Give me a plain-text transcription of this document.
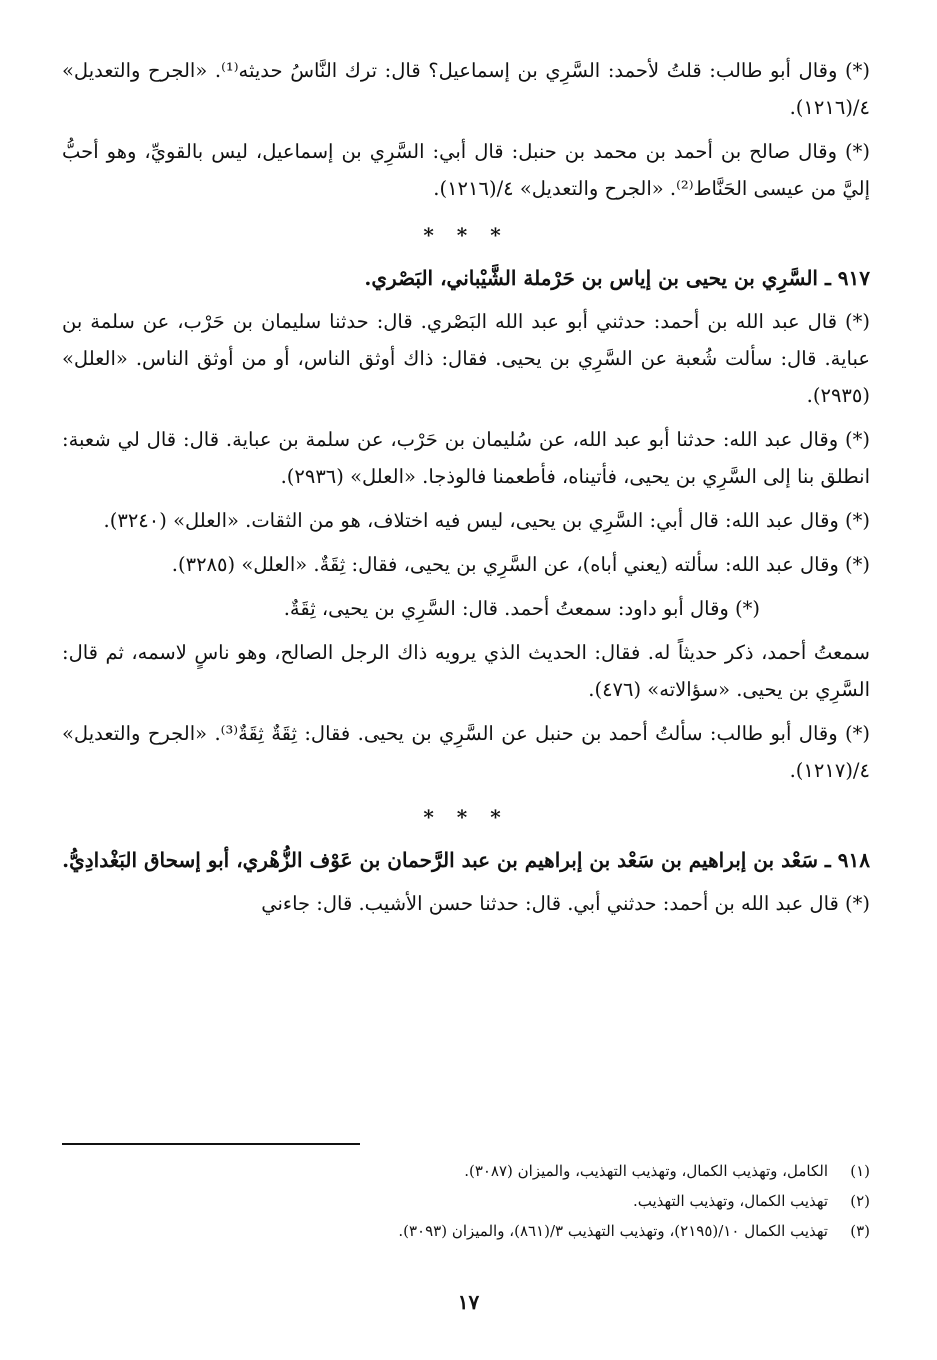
(*) وقال أبو طالب: قلتُ لأحمد: السَّرِي بن إسماعيل؟ قال: ترك النَّاسُ حديثه⁽¹⁾. «الجرح والتعديل» ٤/(١٢١٦).

(*) وقال صالح بن أحمد بن محمد بن حنبل: قال أبي: السَّرِي بن إسماعيل، ليس بالقويِّ، وهو أحبُّ إليَّ من عيسى الحَنَّاط⁽²⁾. «الجرح والتعديل» ٤/(١٢١٦).

* * *

٩١٧ ـ السَّرِي بن يحيى بن إياس بن حَرْملة الشَّيْباني، البَصْري.

(*) قال عبد الله بن أحمد: حدثني أبو عبد الله البَصْري. قال: حدثنا سليمان بن حَرْب، عن سلمة بن عباية. قال: سألت شُعبة عن السَّرِي بن يحيى. فقال: ذاك أوثق الناس، أو من أوثق الناس. «العلل» (٢٩٣٥).

(*) وقال عبد الله: حدثنا أبو عبد الله، عن سُليمان بن حَرْب، عن سلمة بن عباية. قال: قال لي شعبة: انطلق بنا إلى السَّرِي بن يحيى، فأتيناه، فأطعمنا فالوذجا. «العلل» (٢٩٣٦).

(*) وقال عبد الله: قال أبي: السَّرِي بن يحيى، ليس فيه اختلاف، هو من الثقات. «العلل» (٣٢٤٠).

(*) وقال عبد الله: سألته (يعني أباه)، عن السَّرِي بن يحيى، فقال: ثِقَةٌ. «العلل» (٣٢٨٥).

(*) وقال أبو داود: سمعتُ أحمد. قال: السَّرِي بن يحيى، ثِقَةٌ.

سمعتُ أحمد، ذكر حديثاً له. فقال: الحديث الذي يرويه ذاك الرجل الصالح، وهو ناسٍ لاسمه، ثم قال: السَّرِي بن يحيى. «سؤالاته» (٤٧٦).

(*) وقال أبو طالب: سألتُ أحمد بن حنبل عن السَّرِي بن يحيى. فقال: ثِقَةٌ ثِقَةٌ⁽³⁾. «الجرح والتعديل» ٤/(١٢١٧).

* * *

٩١٨ ـ سَعْد بن إبراهيم بن سَعْد بن إبراهيم بن عبد الرَّحمان بن عَوْف الزُّهْري، أبو إسحاق البَغْدادِيُّ.

(*) قال عبد الله بن أحمد: حدثني أبي. قال: حدثنا حسن الأشيب. قال: جاءني

(١)الكامل، وتهذيب الكمال، وتهذيب التهذيب، والميزان (٣٠٨٧).
(٢)تهذيب الكمال، وتهذيب التهذيب.
(٣)تهذيب الكمال ١٠/(٢١٩٥)، وتهذيب التهذيب ٣/(٨٦١)، والميزان (٣٠٩٣).
١٧
